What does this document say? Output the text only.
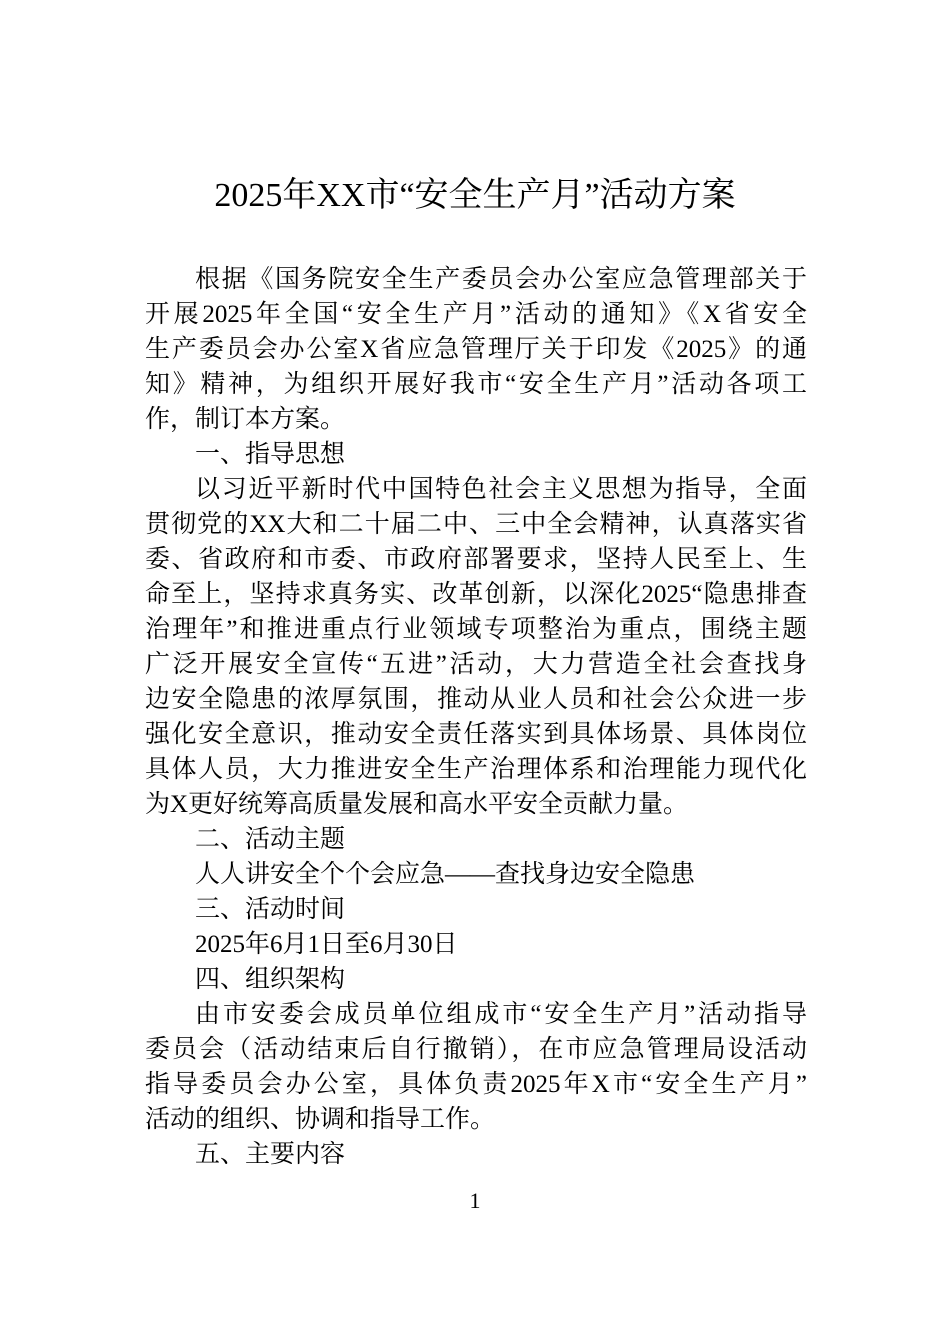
2025年XX市“安全生产月”活动方案
根据《国务院安全生产委员会办公室应急管理部关于
开展2025年全国“安全生产月”活动的通知》《X省安全
生产委员会办公室X省应急管理厅关于印发《2025》的通
知》精神，为组织开展好我市“安全生产月”活动各项工
作，制订本方案。
一、指导思想
以习近平新时代中国特色社会主义思想为指导，全面
贯彻党的XX大和二十届二中、三中全会精神，认真落实省
委、省政府和市委、市政府部署要求，坚持人民至上、生
命至上，坚持求真务实、改革创新，以深化2025“隐患排查
治理年”和推进重点行业领域专项整治为重点，围绕主题
广泛开展安全宣传“五进”活动，大力营造全社会查找身
边安全隐患的浓厚氛围，推动从业人员和社会公众进一步
强化安全意识，推动安全责任落实到具体场景、具体岗位
具体人员，大力推进安全生产治理体系和治理能力现代化
为X更好统筹高质量发展和高水平安全贡献力量。
二、活动主题
人人讲安全个个会应急——查找身边安全隐患
三、活动时间
2025年6月1日至6月30日
四、组织架构
由市安委会成员单位组成市“安全生产月”活动指导
委员会（活动结束后自行撤销），在市应急管理局设活动
指导委员会办公室，具体负责2025年X市“安全生产月”
活动的组织、协调和指导工作。
五、主要内容
1
